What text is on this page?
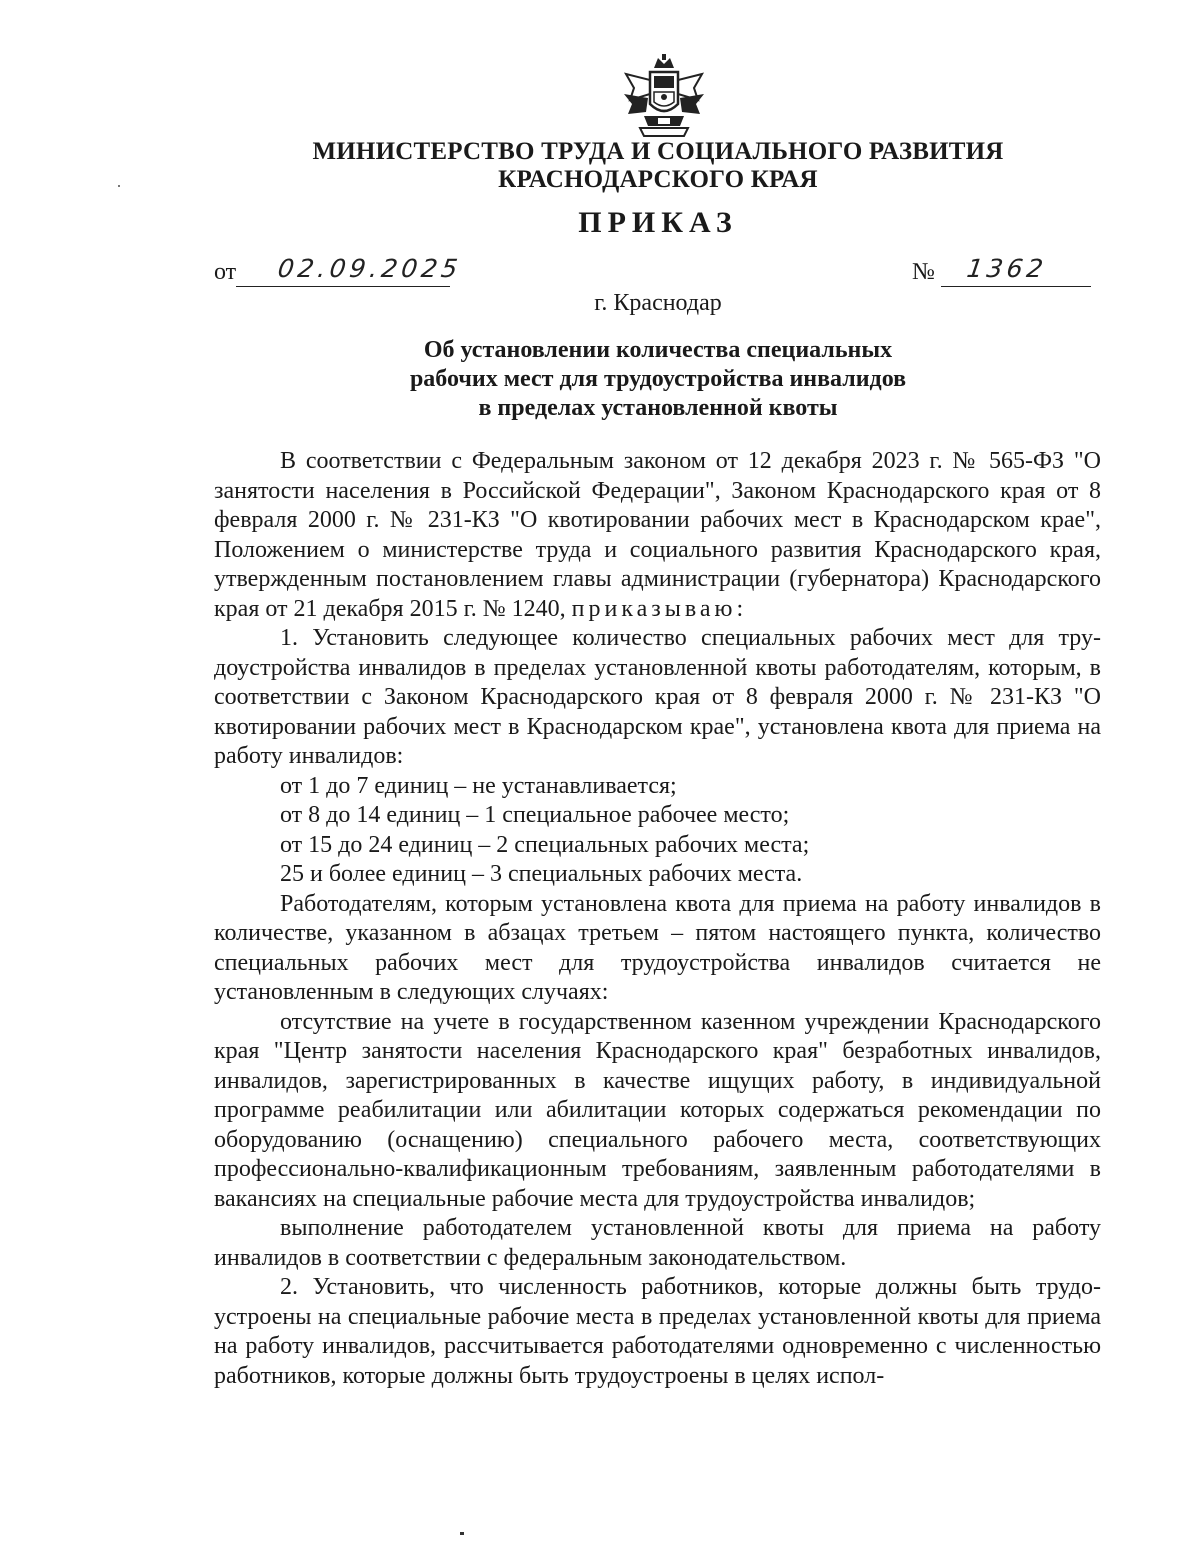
МИНИСТЕРСТВО ТРУДА И СОЦИАЛЬНОГО РАЗВИТИЯ
КРАСНОДАРСКОГО КРАЯ
ПРИКАЗ
от 02.09.2025	№ 1362
г. Краснодар
Об установлении количества специальных
рабочих мест для трудоустройства инвалидов
в пределах установленной квоты

В соответствии с Федеральным законом от 12 декабря 2023 г. № 565-ФЗ "О занятости населения в Российской Федерации", Законом Краснодарского края от 8 февраля 2000 г. № 231-КЗ "О квотировании рабочих мест в Краснодарском крае", Положением о министерстве труда и социального развития Краснодарского края, утвержденным постановлением главы администрации (губернатора) Краснодарского края от 21 декабря 2015 г. № 1240, приказываю:

1. Установить следующее количество специальных рабочих мест для трудоустройства инвалидов в пределах установленной квоты работодателям, которым, в соответствии с Законом Краснодарского края от 8 февраля 2000 г. № 231-КЗ "О квотировании рабочих мест в Краснодарском крае", установлена квота для приема на работу инвалидов:

от 1 до 7 единиц – не устанавливается;

от 8 до 14 единиц – 1 специальное рабочее место;

от 15 до 24 единиц – 2 специальных рабочих места;

25 и более единиц – 3 специальных рабочих места.

Работодателям, которым установлена квота для приема на работу инвалидов в количестве, указанном в абзацах третьем – пятом настоящего пункта, количество специальных рабочих мест для трудоустройства инвалидов считается не установленным в следующих случаях:

отсутствие на учете в государственном казенном учреждении Краснодарского края "Центр занятости населения Краснодарского края" безработных инвалидов, инвалидов, зарегистрированных в качестве ищущих работу, в индивидуальной программе реабилитации или абилитации которых содержаться рекомендации по оборудованию (оснащению) специального рабочего места, соответствующих профессионально-квалификационным требованиям, заявленным работодателями в вакансиях на специальные рабочие места для трудоустройства инвалидов;

выполнение работодателем установленной квоты для приема на работу инвалидов в соответствии с федеральным законодательством.

2. Установить, что численность работников, которые должны быть трудоустроены на специальные рабочие места в пределах установленной квоты для приема на работу инвалидов, рассчитывается работодателями одновременно с численностью работников, которые должны быть трудоустроены в целях испол-
